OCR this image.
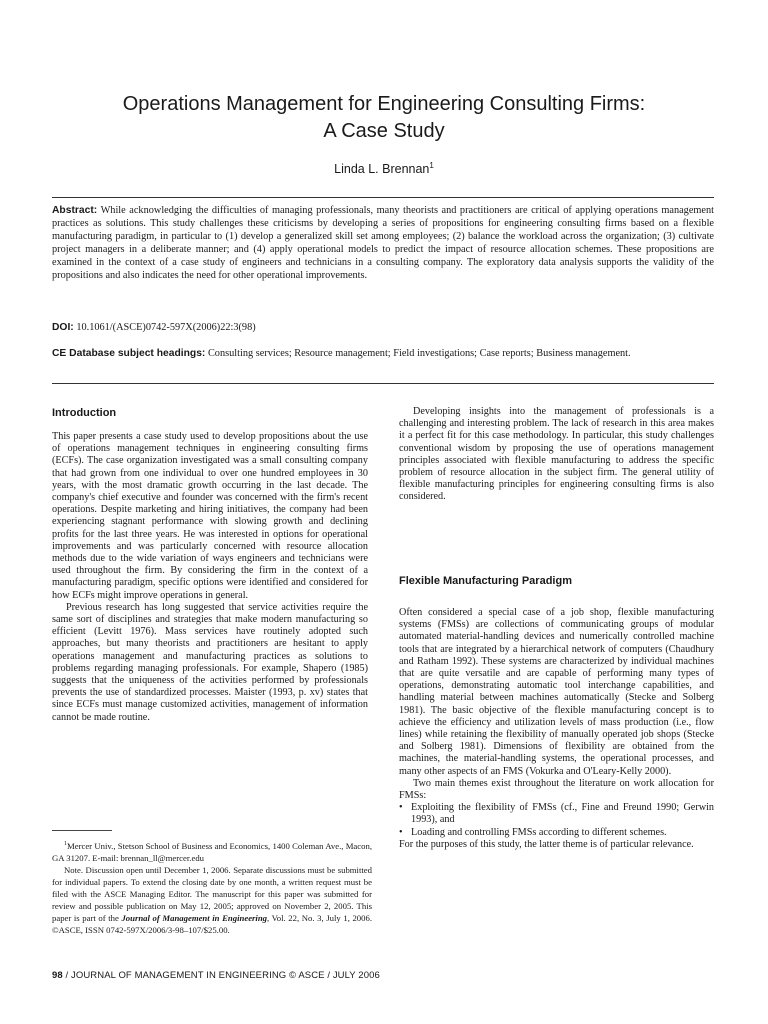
Operations Management for Engineering Consulting Firms:
A Case Study
Linda L. Brennan$^1$

Abstract: While acknowledging the difficulties of managing professionals, many theorists and practitioners are critical of applying operations management practices as solutions. This study challenges these criticisms by developing a series of propositions for engineering consulting firms based on a flexible manufacturing paradigm, in particular to (1) develop a generalized skill set among employees; (2) balance the workload across the organization; (3) cultivate project managers in a deliberate manner; and (4) apply operational models to predict the impact of resource allocation schemes. These propositions are examined in the context of a case study of engineers and technicians in a consulting company. The exploratory data analysis supports the validity of the propositions and also indicates the need for other operational improvements.

DOI: 10.1061/(ASCE)0742-597X(2006)22:3(98)
CE Database subject headings: Consulting services; Resource management; Field investigations; Case reports; Business management.
Introduction

This paper presents a case study used to develop propositions about the use of operations management techniques in engineering consulting firms (ECFs). The case organization investigated was a small consulting company that had grown from one individual to over one hundred employees in 30 years, with the most dramatic growth occurring in the last decade. The company's chief executive and founder was concerned with the firm's recent operations. Despite marketing and hiring initiatives, the company had been experiencing stagnant performance with slowing growth and declining profits for the last three years. He was interested in options for operational improvements and was particularly concerned with resource allocation methods due to the wide variation of ways engineers and technicians were used throughout the firm. By considering the firm in the context of a manufacturing paradigm, specific options were identified and considered for how ECFs might improve operations in general.

Previous research has long suggested that service activities require the same sort of disciplines and strategies that make modern manufacturing so efficient (Levitt 1976). Mass services have routinely adopted such approaches, but many theorists and practitioners are hesitant to apply operations management and manufacturing practices as solutions to problems regarding managing professionals. For example, Shapero (1985) suggests that the uniqueness of the activities performed by professionals prevents the use of standardized processes. Maister (1993, p. xv) states that since ECFs must manage customized activities, management of information cannot be made routine.

$^1$Mercer Univ., Stetson School of Business and Economics, 1400 Coleman Ave., Macon, GA 31207. E-mail: brennan_ll@mercer.edu

Note. Discussion open until December 1, 2006. Separate discussions must be submitted for individual papers. To extend the closing date by one month, a written request must be filed with the ASCE Managing Editor. The manuscript for this paper was submitted for review and possible publication on May 12, 2005; approved on November 2, 2005. This paper is part of the Journal of Management in Engineering, Vol. 22, No. 3, July 1, 2006. ©ASCE, ISSN 0742-597X/2006/3-98–107/$25.00.

Developing insights into the management of professionals is a challenging and interesting problem. The lack of research in this area makes it a perfect fit for this case methodology. In particular, this study challenges conventional wisdom by proposing the use of operations management principles associated with flexible manufacturing to address the specific problem of resource allocation in the subject firm. The general utility of flexible manufacturing principles for engineering consulting firms is also considered.

Flexible Manufacturing Paradigm

Often considered a special case of a job shop, flexible manufacturing systems (FMSs) are collections of communicating groups of modular automated material-handling devices and numerically controlled machine tools that are integrated by a hierarchical network of computers (Chaudhury and Ratham 1992). These systems are characterized by individual machines that are quite versatile and are capable of performing many types of operations, demonstrating automatic tool interchange capabilities, and handling material between machines automatically (Stecke and Solberg 1981). The basic objective of the flexible manufacturing concept is to achieve the efficiency and utilization levels of mass production (i.e., flow lines) while retaining the flexibility of manually operated job shops (Stecke and Solberg 1981). Dimensions of flexibility are obtained from the machines, the material-handling systems, the operational processes, and many other aspects of an FMS (Vokurka and O'Leary-Kelly 2000).

Two main themes exist throughout the literature on work allocation for FMSs:

• Exploiting the flexibility of FMSs (cf., Fine and Freund 1990; Gerwin 1993), and
• Loading and controlling FMSs according to different schemes.

For the purposes of this study, the latter theme is of particular relevance.

98 / JOURNAL OF MANAGEMENT IN ENGINEERING © ASCE / JULY 2006
